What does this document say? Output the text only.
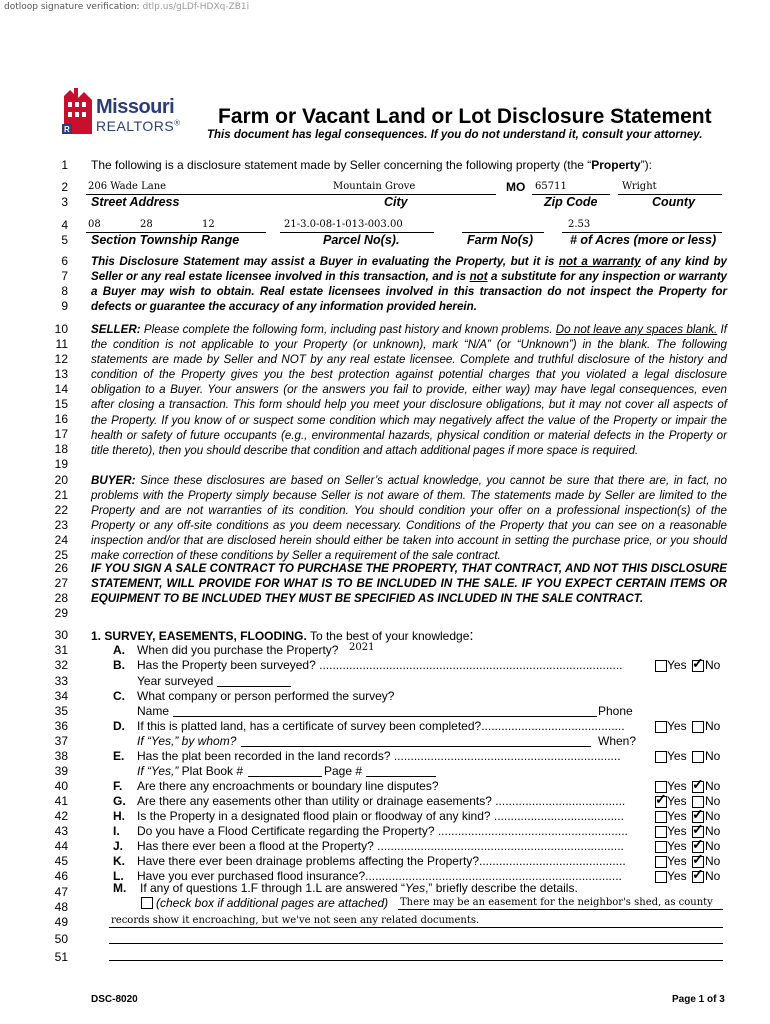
dotloop signature verification: dtlp.us/gLDf-HDXq-ZB1i
R
Missouri
REALTORS® Farm or Vacant Land or Lot Disclosure Statement
This document has legal consequences. If you do not understand it, consult your attorney.
1
2
3
4
5
6
7
8
9
10
11
12
13
14
15
16
17
18
19
20
21
22
23
24
25
26
27
28
29
30
31
32
33
34
35
36
37
38
39
40
41
42
43
44
45
46
47
48
49
50
51
The following is a disclosure statement made by Seller concerning the following property (the “Property”):
206 Wade Lane	Mountain Grove	MO 65711	Wright
Street Address	City	Zip Code	County
08	28	12	21-3.0-08-1-013-003.00	2.53
Section Township Range	Parcel No(s).	Farm No(s)	# of Acres (more or less)
This Disclosure Statement may assist a Buyer in evaluating the Property, but it is not a warranty of any kind by Seller or any real estate licensee involved in this transaction, and is not a substitute for any inspection or warranty a Buyer may wish to obtain. Real estate licensees involved in this transaction do not inspect the Property for defects or guarantee the accuracy of any information provided herein.
SELLER: Please complete the following form, including past history and known problems. Do not leave any spaces blank. If the condition is not applicable to your Property (or unknown), mark “N/A” (or “Unknown”) in the blank. The following statements are made by Seller and NOT by any real estate licensee. Complete and truthful disclosure of the history and condition of the Property gives you the best protection against potential charges that you violated a legal disclosure obligation to a Buyer. Your answers (or the answers you fail to provide, either way) may have legal consequences, even after closing a transaction. This form should help you meet your disclosure obligations, but it may not cover all aspects of the Property. If you know of or suspect some condition which may negatively affect the value of the Property or impair the health or safety of future occupants (e.g., environmental hazards, physical condition or material defects in the Property or title thereto), then you should describe that condition and attach additional pages if more space is required.
BUYER: Since these disclosures are based on Seller’s actual knowledge, you cannot be sure that there are, in fact, no problems with the Property simply because Seller is not aware of them. The statements made by Seller are limited to the Property and are not warranties of its condition. You should condition your offer on a professional inspection(s) of the Property or any off-site conditions as you deem necessary. Conditions of the Property that you can see on a reasonable inspection and/or that are disclosed herein should either be taken into account in setting the purchase price, or you should make correction of these conditions by Seller a requirement of the sale contract.
IF YOU SIGN A SALE CONTRACT TO PURCHASE THE PROPERTY, THAT CONTRACT, AND NOT THIS DISCLOSURE STATEMENT, WILL PROVIDE FOR WHAT IS TO BE INCLUDED IN THE SALE. IF YOU EXPECT CERTAIN ITEMS OR EQUIPMENT TO BE INCLUDED THEY MUST BE SPECIFIED AS INCLUDED IN THE SALE CONTRACT.
1. SURVEY, EASEMENTS, FLOODING. To the best of your knowledge:
A. When did you purchase the Property?	2021
B. Has the Property been surveyed? ...........................................................................................	Yes ✓ No
C. What company or person performed the survey?
D. If this is platted land, has a certificate of survey been completed?...........................................	Yes No
E. Has the plat been recorded in the land records? ....................................................................	Yes No
F. Are there any encroachments or boundary line disputes?	Yes ✓ No
G. Are there any easements other than utility or drainage easements? .......................................	✓ Yes No
H. Is the Property in a designated flood plain or floodway of any kind? .......................................	Yes ✓ No
I. Do you have a Flood Certificate regarding the Property? .........................................................	Yes ✓ No
J. Has there ever been a flood at the Property? ..........................................................................	Yes ✓ No
K. Have there ever been drainage problems affecting the Property?............................................	Yes ✓ No
L. Have you ever purchased flood insurance?.............................................................................	Yes ✓ No
Year surveyed
Name	Phone
If “Yes,” by whom?	When?
If “Yes,” Plat Book #	Page #
M. If any of questions 1.F through 1.L are answered “Yes,” briefly describe the details.
(check box if additional pages are attached) There may be an easement for the neighbor's shed, as county
records show it encroaching, but we've not seen any related documents.
DSC-8020	Page 1 of 3
